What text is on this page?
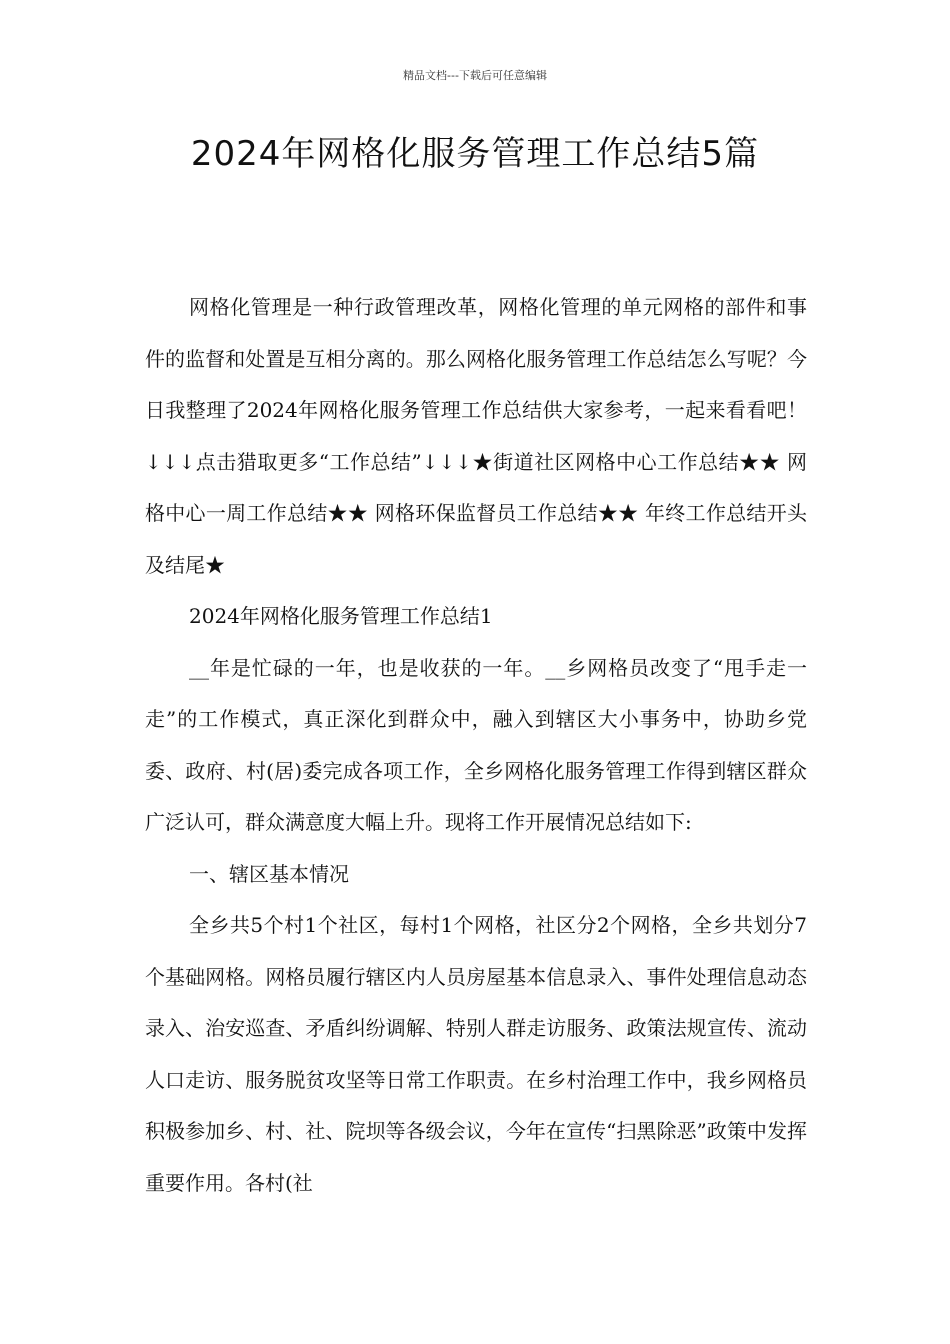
精品文档---下载后可任意编辑
2024年网格化服务管理工作总结5篇

网格化管理是一种行政管理改革，网格化管理的单元网格的部件和事件的监督和处置是互相分离的。那么网格化服务管理工作总结怎么写呢？今日我整理了2024年网格化服务管理工作总结供大家参考，一起来看看吧！↓↓↓点击猎取更多“工作总结”↓↓↓★街道社区网格中心工作总结★★ 网格中心一周工作总结★★ 网格环保监督员工作总结★★ 年终工作总结开头及结尾★

2024年网格化服务管理工作总结1

__年是忙碌的一年，也是收获的一年。__乡网格员改变了“甩手走一走”的工作模式，真正深化到群众中，融入到辖区大小事务中，协助乡党委、政府、村(居)委完成各项工作，全乡网格化服务管理工作得到辖区群众广泛认可，群众满意度大幅上升。现将工作开展情况总结如下:

一、辖区基本情况

全乡共5个村1个社区，每村1个网格，社区分2个网格，全乡共划分7个基础网格。网格员履行辖区内人员房屋基本信息录入、事件处理信息动态录入、治安巡查、矛盾纠纷调解、特别人群走访服务、政策法规宣传、流动人口走访、服务脱贫攻坚等日常工作职责。在乡村治理工作中，我乡网格员积极参加乡、村、社、院坝等各级会议，今年在宣传“扫黑除恶”政策中发挥重要作用。各村(社
